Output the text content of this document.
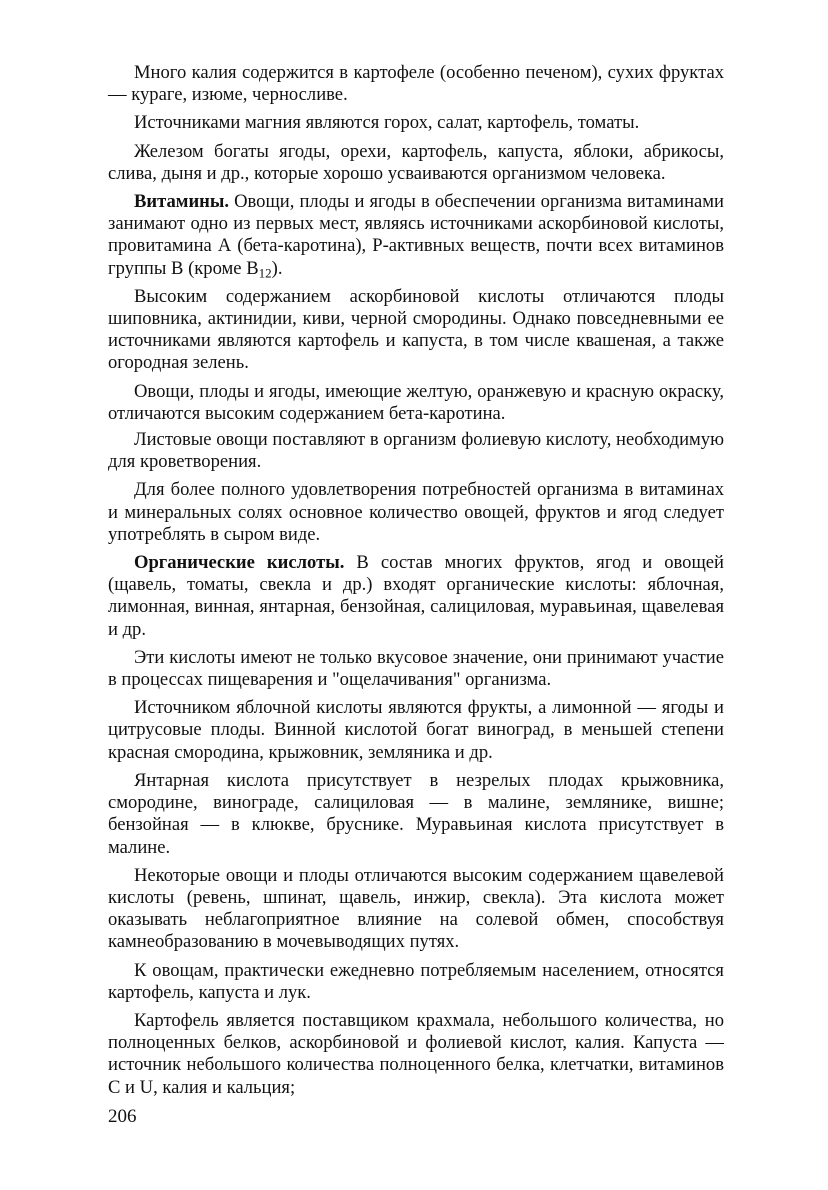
Много калия содержится в картофеле (особенно печеном), сухих фруктах — кураге, изюме, черносливе.

Источниками магния являются горох, салат, картофель, томаты.

Железом богаты ягоды, орехи, картофель, капуста, яблоки, абрикосы, слива, дыня и др., которые хорошо усваиваются организмом человека.

Витамины. Овощи, плоды и ягоды в обеспечении организма витаминами занимают одно из первых мест, являясь источниками аскорбиновой кислоты, провитамина А (бета-каротина), Р-активных веществ, почти всех витаминов группы В (кроме $В_{12}$).

Высоким содержанием аскорбиновой кислоты отличаются плоды шиповника, актинидии, киви, черной смородины. Однако повседневными ее источниками являются картофель и капуста, в том числе квашеная, а также огородная зелень.

Овощи, плоды и ягоды, имеющие желтую, оранжевую и красную окраску, отличаются высоким содержанием бета-каротина.

Листовые овощи поставляют в организм фолиевую кислоту, необходимую для кроветворения.

Для более полного удовлетворения потребностей организма в витаминах и минеральных солях основное количество овощей, фруктов и ягод следует употреблять в сыром виде.

Органические кислоты. В состав многих фруктов, ягод и овощей (щавель, томаты, свекла и др.) входят органические кислоты: яблочная, лимонная, винная, янтарная, бензойная, салициловая, муравьиная, щавелевая и др.

Эти кислоты имеют не только вкусовое значение, они принимают участие в процессах пищеварения и "ощелачивания" организма.

Источником яблочной кислоты являются фрукты, а лимонной — ягоды и цитрусовые плоды. Винной кислотой богат виноград, в меньшей степени красная смородина, крыжовник, земляника и др.

Янтарная кислота присутствует в незрелых плодах крыжовника, смородине, винограде, салициловая — в малине, землянике, вишне; бензойная — в клюкве, бруснике. Муравьиная кислота присутствует в малине.

Некоторые овощи и плоды отличаются высоким содержанием щавелевой кислоты (ревень, шпинат, щавель, инжир, свекла). Эта кислота может оказывать неблагоприятное влияние на солевой обмен, способствуя камнеобразованию в мочевыводящих путях.

К овощам, практически ежедневно потребляемым населением, относятся картофель, капуста и лук.

Картофель является поставщиком крахмала, небольшого количества, но полноценных белков, аскорбиновой и фолиевой кислот, калия. Капуста — источник небольшого количества полноценного белка, клетчатки, витаминов С и U, калия и кальция;

206
